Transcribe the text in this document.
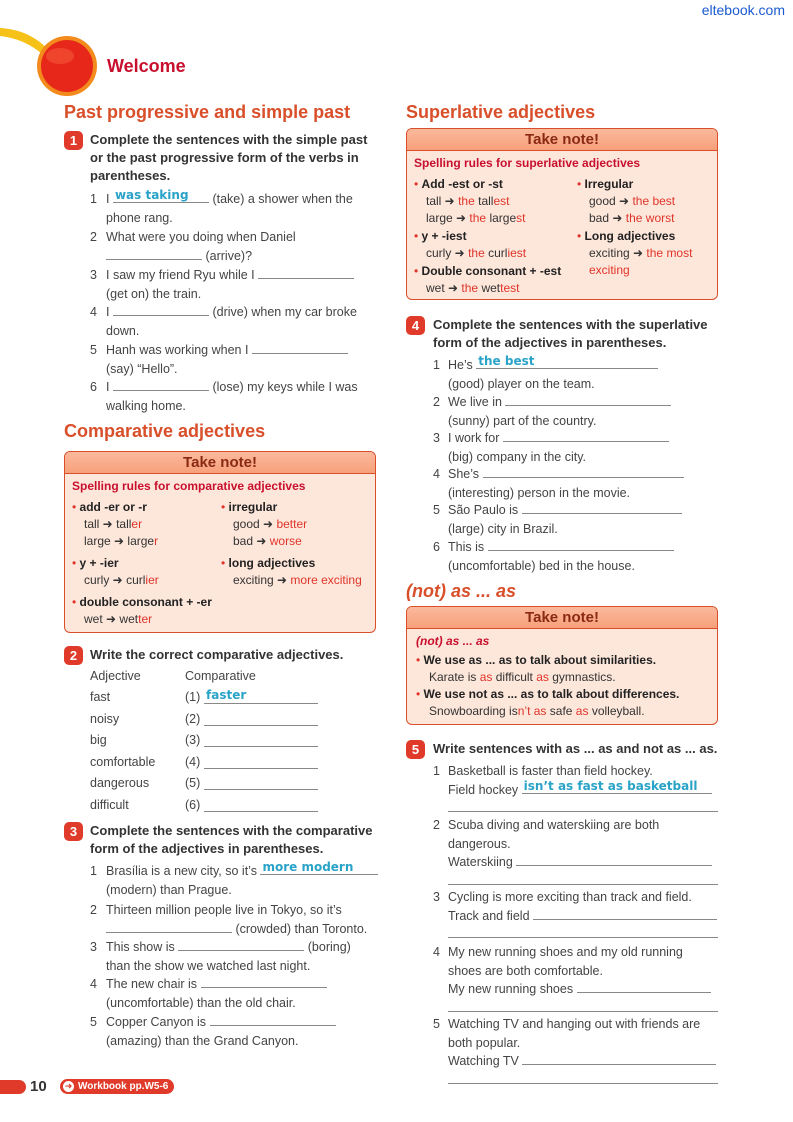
eltebook.com
Welcome
Past progressive and simple past
1 Complete the sentences with the simple past or the past progressive form of the verbs in parentheses.
1 I was taking (take) a shower when the
phone rang.
2 What were you doing when Daniel
(arrive)?
3 I saw my friend Ryu while I
(get on) the train.
4 I	(drive) when my car broke
down.
5 Hanh was working when I
(say) “Hello”.
6 I	(lose) my keys while I was
walking home.
Comparative adjectives
Take note!
Spelling rules for comparative adjectives
• add -er or -r
tall ➜ taller
large ➜ larger
• y + -ier
curly ➜ curlier
• double consonant + -er
wet ➜ wetter
• irregular
good ➜ better
bad ➜ worse
• long adjectives
exciting ➜ more exciting
2 Write the correct comparative adjectives.
Adjective	Comparative
fast	(1) faster
noisy	(2)
big	(3)
comfortable (4)
dangerous	(5)
difficult	(6)
3 Complete the sentences with the comparative form of the adjectives in parentheses.
1 Brasília is a new city, so it’s more modern

(modern) than Prague.
2 Thirteen million people live in Tokyo, so it’s
(crowded) than Toronto.
3 This show is	(boring)
than the show we watched last night.
4 The new chair is
(uncomfortable) than the old chair.
5 Copper Canyon is
(amazing) than the Grand Canyon.
Superlative adjectives
Take note!
Spelling rules for superlative adjectives
• Add -est or -st
tall ➜ the tallest
large ➜ the largest
• y + -iest
curly ➜ the curliest
• Double consonant + -est
wet ➜ the wettest
• Irregular
good ➜ the best
bad ➜ the worst
• Long adjectives
exciting ➜ the most
exciting
4	Complete the sentences with the superlative form of the adjectives in parentheses.
1 He’s the best

(good) player on the team.
2 We live in
(sunny) part of the country.
3 I work for
(big) company in the city.
4 She’s
(interesting) person in the movie.
5 São Paulo is
(large) city in Brazil.
6 This is
(uncomfortable) bed in the house.
(not) as ... as
Take note!
(not) as ... as
• We use as ... as to talk about similarities.
Karate is as difficult as gymnastics.
• We use not as ... as to talk about differences.
Snowboarding isn’t as safe as volleyball.
5	Write sentences with as ... as and not as ... as.
1 Basketball is faster than field hockey.
Field hockey isn’t as fast as basketball

2 Scuba diving and waterskiing are both
dangerous.
Waterskiing

3 Cycling is more exciting than track and field.
Track and field

4 My new running shoes and my old running
shoes are both comfortable.
My new running shoes

5 Watching TV and hanging out with friends are
both popular.
Watching TV

10 ➜ Workbook pp.W5-6
